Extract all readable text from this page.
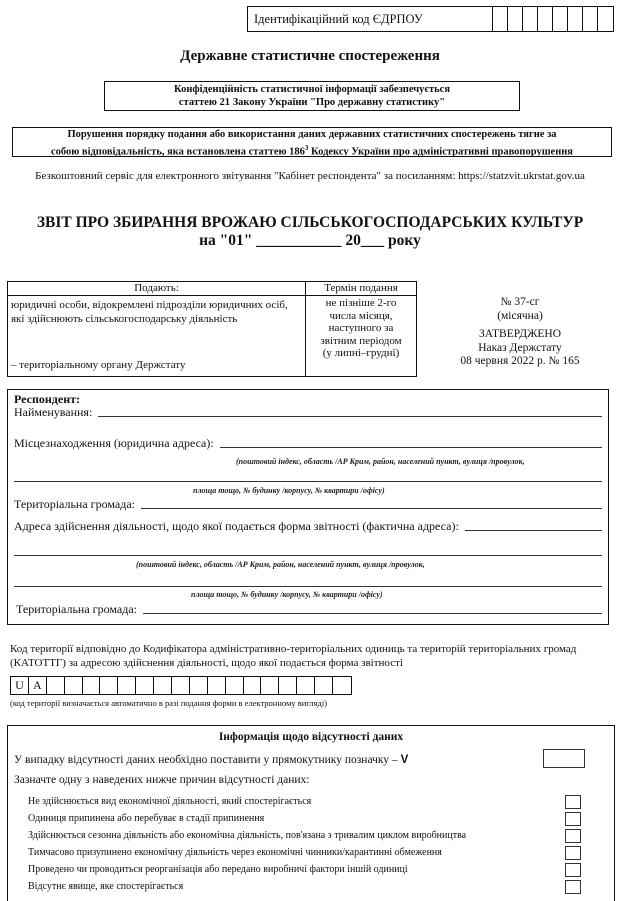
Ідентифікаційний код ЄДРПОУ
Державне статистичне спостереження
Конфіденційність статистичної інформації забезпечується
статтею 21 Закону України "Про державну статистику"
Порушення порядку подання або використання даних державних статистичних спостережень тягне за
собою відповідальність, яка встановлена статтею $186^3$ Кодексу України про адміністративні правопорушення
Безкоштовний сервіс для електронного звітування "Кабінет респондента" за посиланням: https://statzvit.ukrstat.gov.ua
ЗВІТ ПРО ЗБИРАННЯ ВРОЖАЮ СІЛЬСЬКОГОСПОДАРСЬКИХ КУЛЬТУР
на "01" ___________ 20___ року
Подають:	Термін подання

юридичні особи, відокремлені підрозділи юридичних осіб, які здійснюють сільськогосподарську діяльність
– територіальному органу Держстату

не пізніше 2-го
числа місяця,
наступного за
звітним періодом
(у липні–грудні)
№ 37-сг
(місячна)
ЗАТВЕРДЖЕНО
Наказ Держстату
08 червня 2022 р. № 165
Респондент:
Найменування:
Місцезнаходження (юридична адреса):
(поштовий індекс, область /АР Крим, район, населений пункт, вулиця /провулок,
площа тощо, № будинку /корпусу, № квартири /офісу)
Територіальна громада:
Адреса здійснення діяльності, щодо якої подається форма звітності (фактична адреса):
(поштовий індекс, область /АР Крим, район, населений пункт, вулиця /провулок,
площа тощо, № будинку /корпусу, № квартири /офісу)
Територіальна громада:
Код території відповідно до Кодифікатора адміністративно-територіальних одиниць та територій територіальних громад (КАТОТТГ) за адресою здійснення діяльності, щодо якої подається форма звітності
U A
(код території визначається автоматично в разі подання форми в електронному вигляді)
Інформація щодо відсутності даних
У випадку відсутності даних необхідно поставити у прямокутнику позначку – V
Зазначте одну з наведених нижче причин відсутності даних:
Не здійснюється вид економічної діяльності, який спостерігається
Одиниця припинена або перебуває в стадії припинення
Здійснюється сезонна діяльність або економічна діяльність, пов'язана з тривалим циклом виробництва
Тимчасово призупинено економічну діяльність через економічні чинники/карантинні обмеження
Проведено чи проводиться реорганізація або передано виробничі фактори іншій одиниці
Відсутнє явище, яке спостерігається
